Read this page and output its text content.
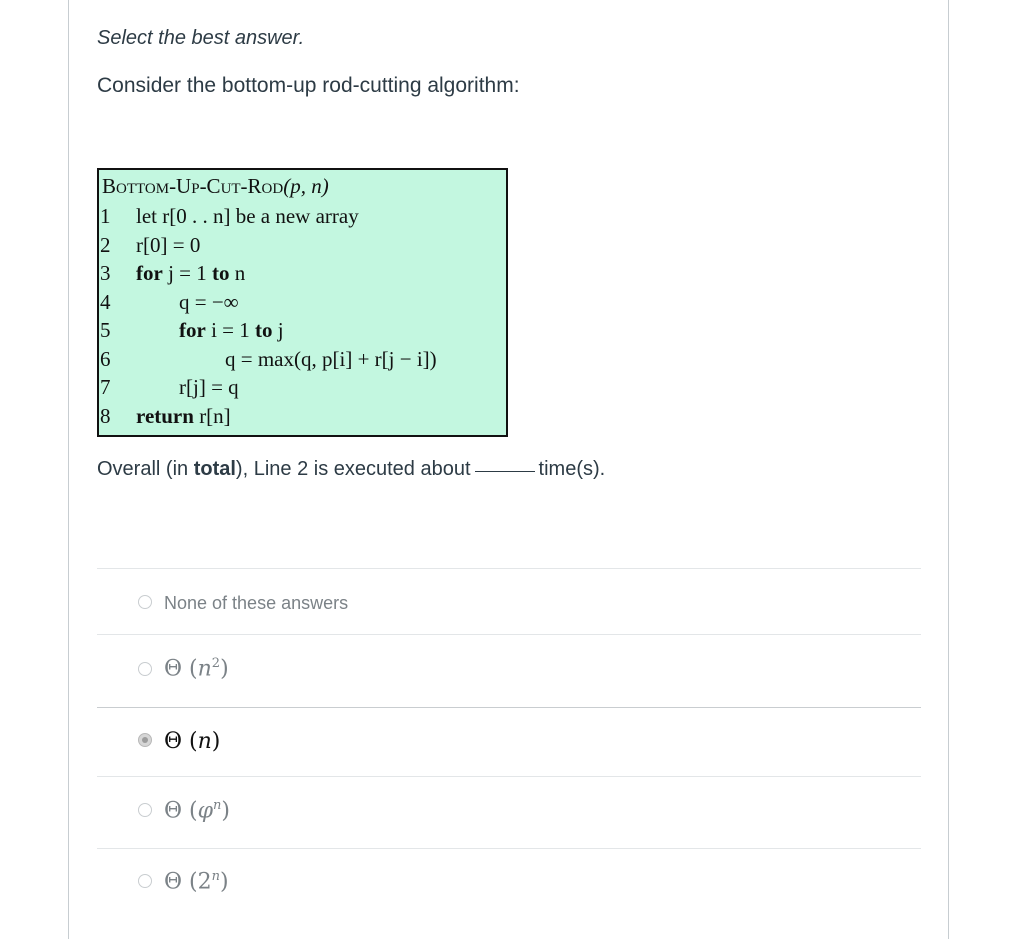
Select the best answer.
Consider the bottom-up rod-cutting algorithm:
Bottom-Up-Cut-Rod(p, n)
1 let r[0 . . n] be a new array
2 r[0] = 0
3 for j = 1 to n
4	q = −∞
5	for i = 1 to j
6	q = max(q, p[i] + r[j − i])
7	r[j] = q
8 return r[n]
Overall (in total), Line 2 is executed about	time(s).
None of these answers
Θ $(n^2)$
Θ (n)
Θ $(\varphi^n)$
Θ (2$^n$)
